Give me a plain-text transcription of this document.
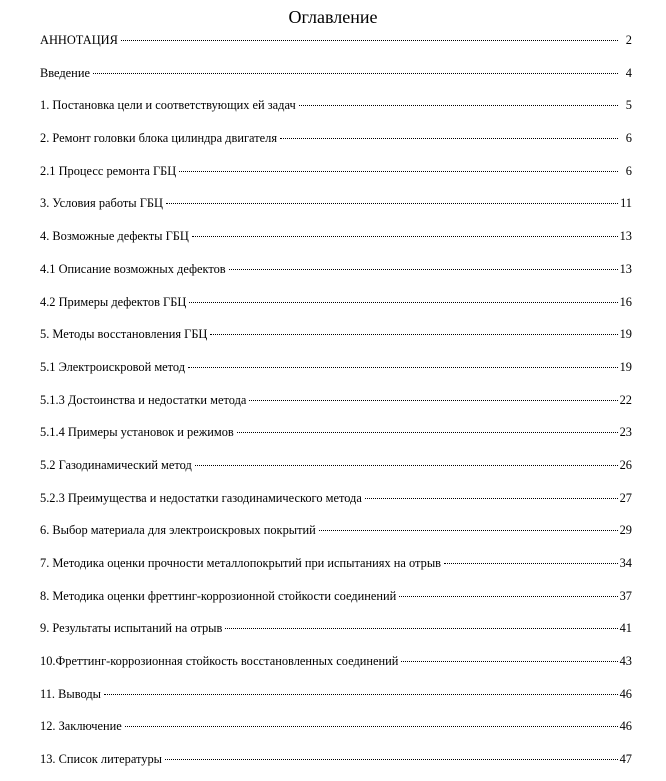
Оглавление
АННОТАЦИЯ	2
Введение	4
1. Постановка цели и соответствующих ей задач	5
2. Ремонт головки блока цилиндра двигателя	6
2.1 Процесс ремонта ГБЦ	6
3. Условия работы ГБЦ	11
4. Возможные дефекты ГБЦ	13
4.1 Описание возможных дефектов	13
4.2 Примеры дефектов ГБЦ	16
5. Методы восстановления ГБЦ	19
5.1 Электроискровой метод	19
5.1.3 Достоинства и недостатки метода	22
5.1.4 Примеры установок и режимов	23
5.2 Газодинамический метод	26
5.2.3 Преимущества и недостатки газодинамического метода	27
6. Выбор материала для электроискровых покрытий	29
7. Методика оценки прочности металлопокрытий при испытаниях на отрыв	34
8. Методика оценки фреттинг-коррозионной стойкости соединений	37
9. Результаты испытаний на отрыв	41
10.Фреттинг-коррозионная стойкость восстановленных соединений	43
11. Выводы	46
12. Заключение	46
13. Список литературы	47
